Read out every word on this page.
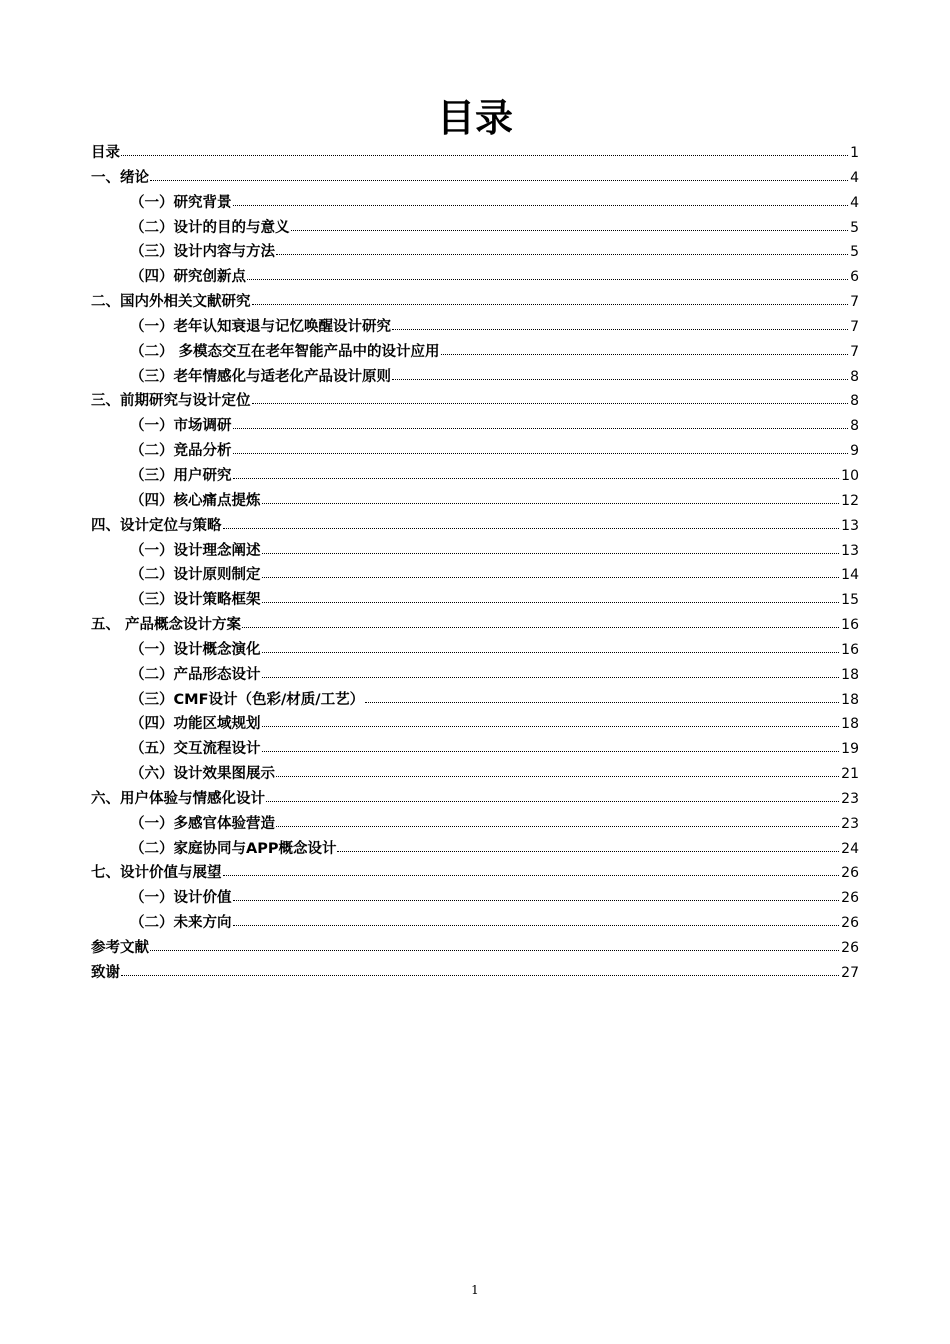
目录
目录	1
一、绪论	4
（一）研究背景	4
（二）设计的目的与意义	5
（三）设计内容与方法	5
（四）研究创新点	6
二、国内外相关文献研究	7
（一）老年认知衰退与记忆唤醒设计研究	7
（二） 多模态交互在老年智能产品中的设计应用	7
（三）老年情感化与适老化产品设计原则	8
三、前期研究与设计定位	8
（一）市场调研	8
（二）竞品分析	9
（三）用户研究	10
（四）核心痛点提炼	12
四、设计定位与策略	13
（一）设计理念阐述	13
（二）设计原则制定	14
（三）设计策略框架	15
五、 产品概念设计方案	16
（一）设计概念演化	16
（二）产品形态设计	18
（三）CMF设计（色彩/材质/工艺）	18
（四）功能区域规划	18
（五）交互流程设计	19
（六）设计效果图展示	21
六、用户体验与情感化设计	23
（一）多感官体验营造	23
（二）家庭协同与APP概念设计	24
七、设计价值与展望	26
（一）设计价值	26
（二）未来方向	26
参考文献	26
致谢	27
1
